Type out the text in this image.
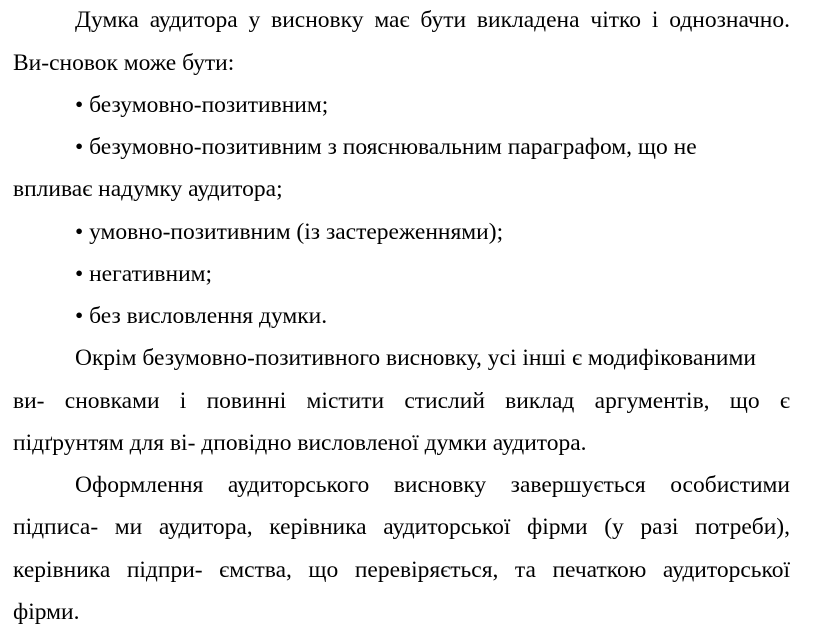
Думка аудитора у висновку має бути викладена чітко і однозначно.
Ви-сновок може бути:
• безумовно-позитивним;
• безумовно-позитивним з пояснювальним параграфом, що не
впливає надумку аудитора;
• умовно-позитивним (із застереженнями);
• негативним;
• без висловлення думки.
Окрім безумовно-позитивного висновку, усі інші є модифікованими
ви- сновками і повинні містити стислий виклад аргументів, що є
підґрунтям для ві- дповідно висловленої думки аудитора.
Оформлення аудиторського висновку завершується особистими
підписа- ми аудитора, керівника аудиторської фірми (у разі потреби),
керівника підпри- ємства, що перевіряється, та печаткою аудиторської
фірми.
